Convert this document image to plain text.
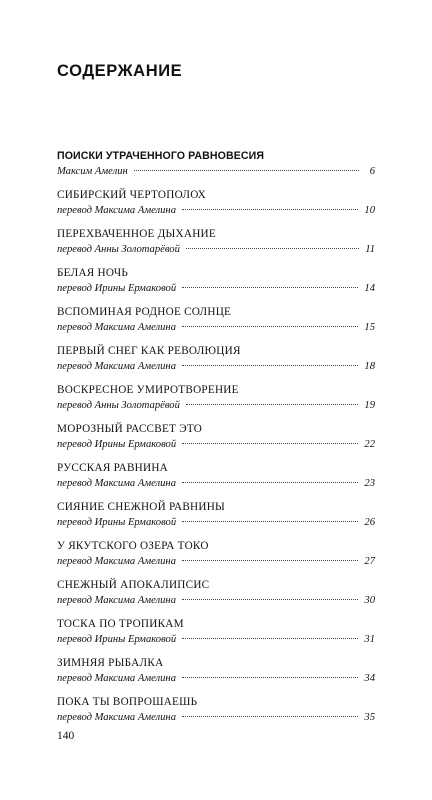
СОДЕРЖАНИЕ
ПОИСКИ УТРАЧЕННОГО РАВНОВЕСИЯ
Максим Амелин	6
СИБИРСКИЙ ЧЕРТОПОЛОХ
перевод Максима Амелина	10
ПЕРЕХВАЧЕННОЕ ДЫХАНИЕ
перевод Анны Золотарёвой	11
БЕЛАЯ НОЧЬ
перевод Ирины Ермаковой	14
ВСПОМИНАЯ РОДНОЕ СОЛНЦЕ
перевод Максима Амелина	15
ПЕРВЫЙ СНЕГ КАК РЕВОЛЮЦИЯ
перевод Максима Амелина	18
ВОСКРЕСНОЕ УМИРОТВОРЕНИЕ
перевод Анны Золотарёвой	19
МОРОЗНЫЙ РАССВЕТ ЭТО
перевод Ирины Ермаковой	22
РУССКАЯ РАВНИНА
перевод Максима Амелина	23
СИЯНИЕ СНЕЖНОЙ РАВНИНЫ
перевод Ирины Ермаковой	26
У ЯКУТСКОГО ОЗЕРА ТОКО
перевод Максима Амелина	27
СНЕЖНЫЙ АПОКАЛИПСИС
перевод Максима Амелина	30
ТОСКА ПО ТРОПИКАМ
перевод Ирины Ермаковой	31
ЗИМНЯЯ РЫБАЛКА
перевод Максима Амелина	34
ПОКА ТЫ ВОПРОШАЕШЬ
перевод Максима Амелина	35
140
